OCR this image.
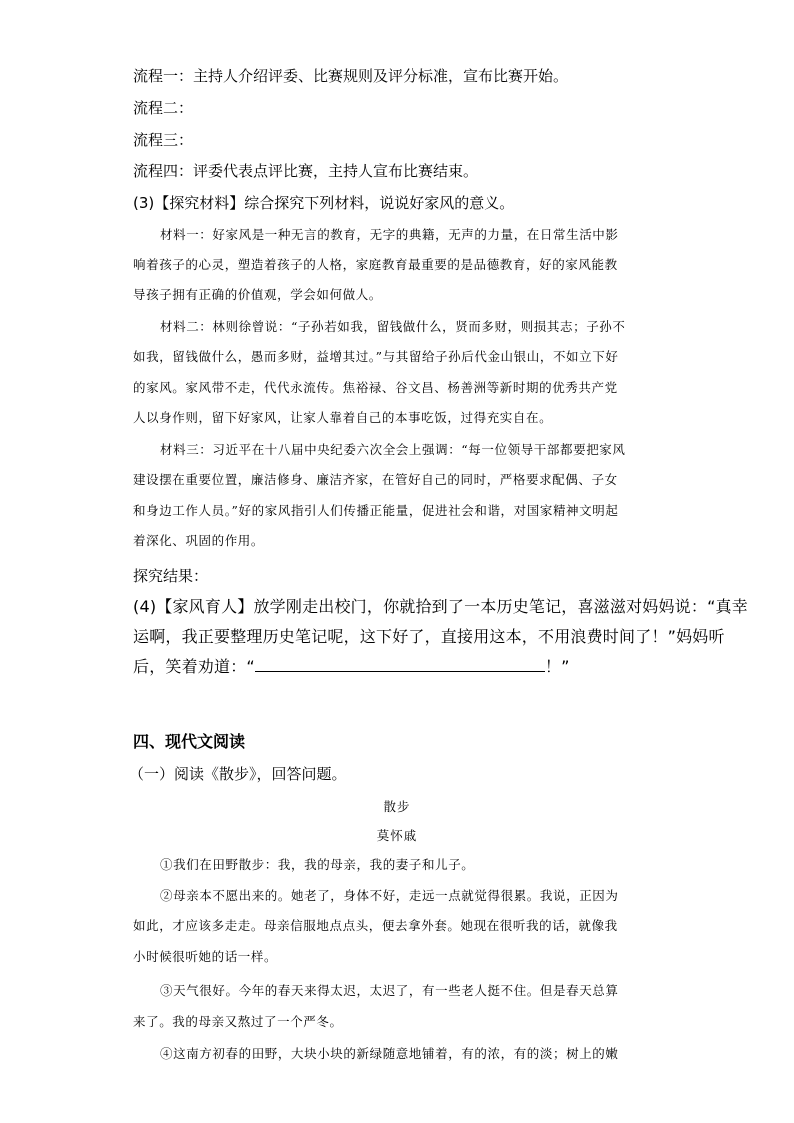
流程一：主持人介绍评委、比赛规则及评分标准，宣布比赛开始。
流程二：
流程三：
流程四：评委代表点评比赛，主持人宣布比赛结束。
(3)【探究材料】综合探究下列材料，说说好家风的意义。
材料一：好家风是一种无言的教育，无字的典籍，无声的力量，在日常生活中影
响着孩子的心灵，塑造着孩子的人格，家庭教育最重要的是品德教育，好的家风能教
导孩子拥有正确的价值观，学会如何做人。
材料二：林则徐曾说：“子孙若如我，留钱做什么，贤而多财，则损其志；子孙不
如我，留钱做什么，愚而多财，益增其过。”与其留给子孙后代金山银山，不如立下好
的家风。家风带不走，代代永流传。焦裕禄、谷文昌、杨善洲等新时期的优秀共产党
人以身作则，留下好家风，让家人靠着自己的本事吃饭，过得充实自在。
材料三：习近平在十八届中央纪委六次全会上强调：“每一位领导干部都要把家风
建设摆在重要位置，廉洁修身、廉洁齐家，在管好自己的同时，严格要求配偶、子女
和身边工作人员。”好的家风指引人们传播正能量，促进社会和谐，对国家精神文明起
着深化、巩固的作用。
探究结果：
(4)【家风育人】放学刚走出校门，你就拾到了一本历史笔记，喜滋滋对妈妈说：“真幸
运啊，我正要整理历史笔记呢，这下好了，直接用这本，不用浪费时间了！”妈妈听
后，笑着劝道：“	！”
四、现代文阅读
（一）阅读《散步》，回答问题。
散步
莫怀戚
①我们在田野散步：我，我的母亲，我的妻子和儿子。
②母亲本不愿出来的。她老了，身体不好，走远一点就觉得很累。我说，正因为
如此，才应该多走走。母亲信服地点点头，便去拿外套。她现在很听我的话，就像我
小时候很听她的话一样。
③天气很好。今年的春天来得太迟，太迟了，有一些老人挺不住。但是春天总算
来了。我的母亲又熬过了一个严冬。
④这南方初春的田野，大块小块的新绿随意地铺着，有的浓，有的淡；树上的嫩
